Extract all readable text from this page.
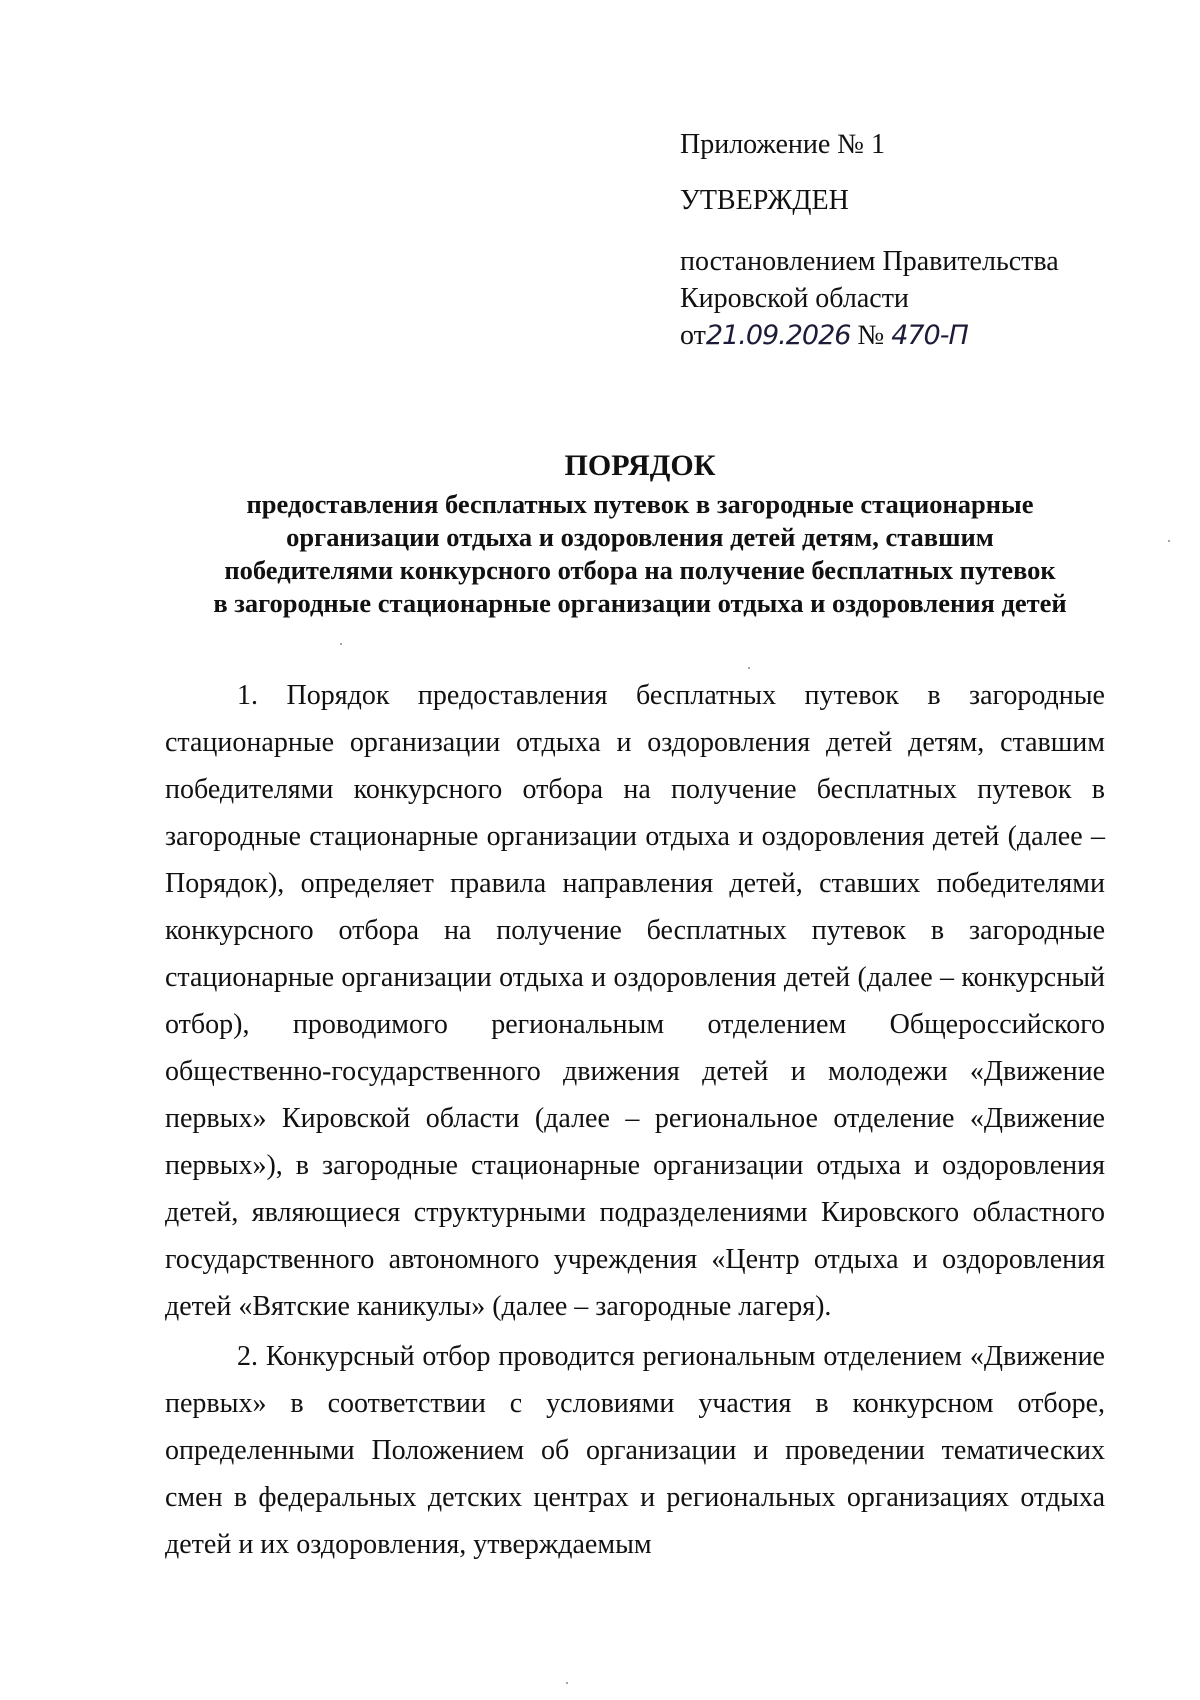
Приложение № 1

УТВЕРЖДЕН

постановлением Правительства

Кировской области

от21.09.2026 № 470-П

ПОРЯДОК

предоставления бесплатных путевок в загородные стационарные

организации отдыха и оздоровления детей детям, ставшим

победителями конкурсного отбора на получение бесплатных путевок

в загородные стационарные организации отдыха и оздоровления детей

1. Порядок предоставления бесплатных путевок в загородные стационарные организации отдыха и оздоровления детей детям, ставшим победителями конкурсного отбора на получение бесплатных путевок в загородные стационарные организации отдыха и оздоровления детей (далее – Порядок), определяет правила направления детей, ставших победителями конкурсного отбора на получение бесплатных путевок в загородные стационарные организации отдыха и оздоровления детей (далее – конкурсный отбор), проводимого региональным отделением Общероссийского общественно-государственного движения детей и молодежи «Движение первых» Кировской области (далее – региональное отделение «Движение первых»), в загородные стационарные организации отдыха и оздоровления детей, являющиеся структурными подразделениями Кировского областного государственного автономного учреждения «Центр отдыха и оздоровления детей «Вятские каникулы» (далее – загородные лагеря).

2. Конкурсный отбор проводится региональным отделением «Движение первых» в соответствии с условиями участия в конкурсном отборе, определенными Положением об организации и проведении тематических смен в федеральных детских центрах и региональных организациях отдыха детей и их оздоровления, утверждаемым
